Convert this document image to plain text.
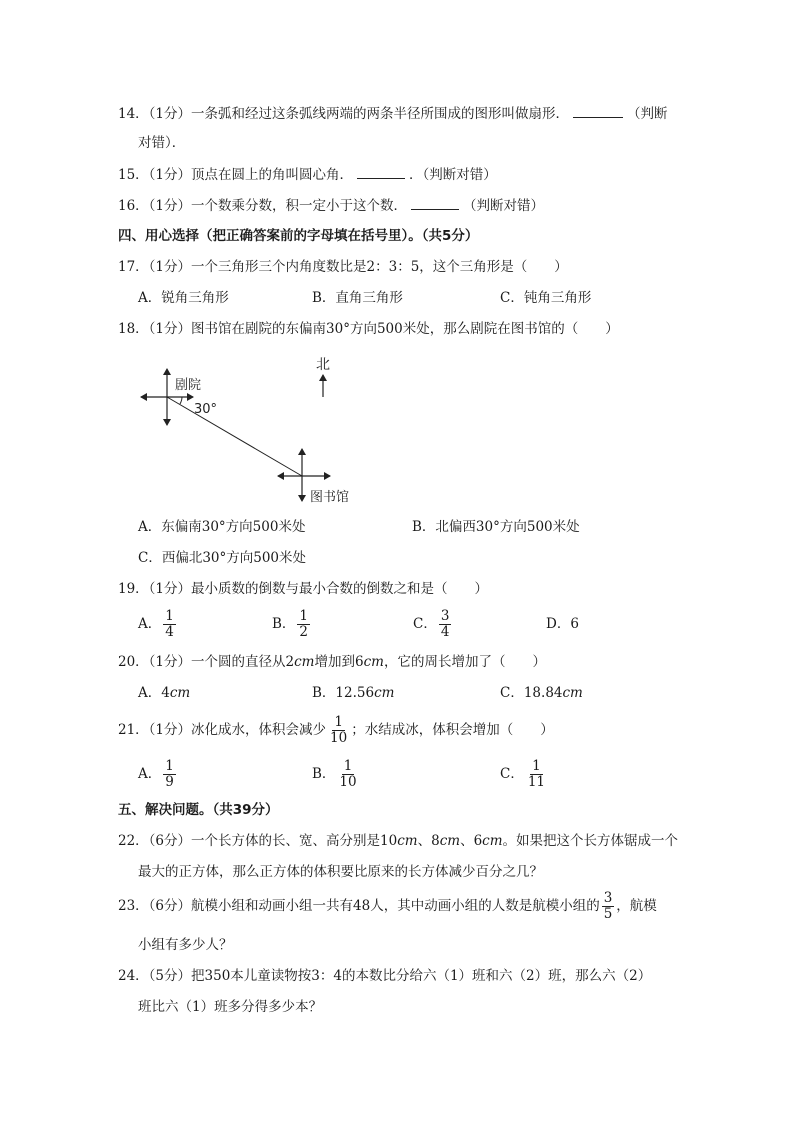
14．（1分）一条弧和经过这条弧线两端的两条半径所围成的图形叫做扇形．	（判断
对错）．
15．（1分）顶点在圆上的角叫圆心角．	．（判断对错）
16．（1分）一个数乘分数，积一定小于这个数．	（判断对错）
四、用心选择（把正确答案前的字母填在括号里）。（共5分）
17．（1分）一个三角形三个内角度数比是2：3：5，这个三角形是（　　）
A．锐角三角形	B．直角三角形	C．钝角三角形
18．（1分）图书馆在剧院的东偏南30°方向500米处，那么剧院在图书馆的（　　）
北
剧院
30°
图书馆
A．东偏南30°方向500米处	B．北偏西30°方向500米处
C．西偏北30°方向500米处
19．（1分）最小质数的倒数与最小合数的倒数之和是（　　）
A． $\frac{1}{4}$	B． $\frac{1}{2}$	C． $\frac{3}{4}$	D．6
20．（1分）一个圆的直径从2cm增加到6cm，它的周长增加了（　　）
A．4cm	B．12.56cm	C．18.84cm
21．（1分）冰化成水，体积会减少 $\frac{1}{10}$ ；水结成冰，体积会增加（　　）
A． $\frac{1}{9}$	B． $\frac{1}{10}$	C． $\frac{1}{11}$
五、解决问题。（共39分）
22．（6分）一个长方体的长、宽、高分别是10cm、8cm、6cm。如果把这个长方体锯成一个
最大的正方体，那么正方体的体积要比原来的长方体减少百分之几？
23．（6分）航模小组和动画小组一共有48人，其中动画小组的人数是航模小组的 $\frac{3}{5}$ ，航模
小组有多少人？
24．（5分）把350本儿童读物按3：4的本数比分给六（1）班和六（2）班，那么六（2）
班比六（1）班多分得多少本？
